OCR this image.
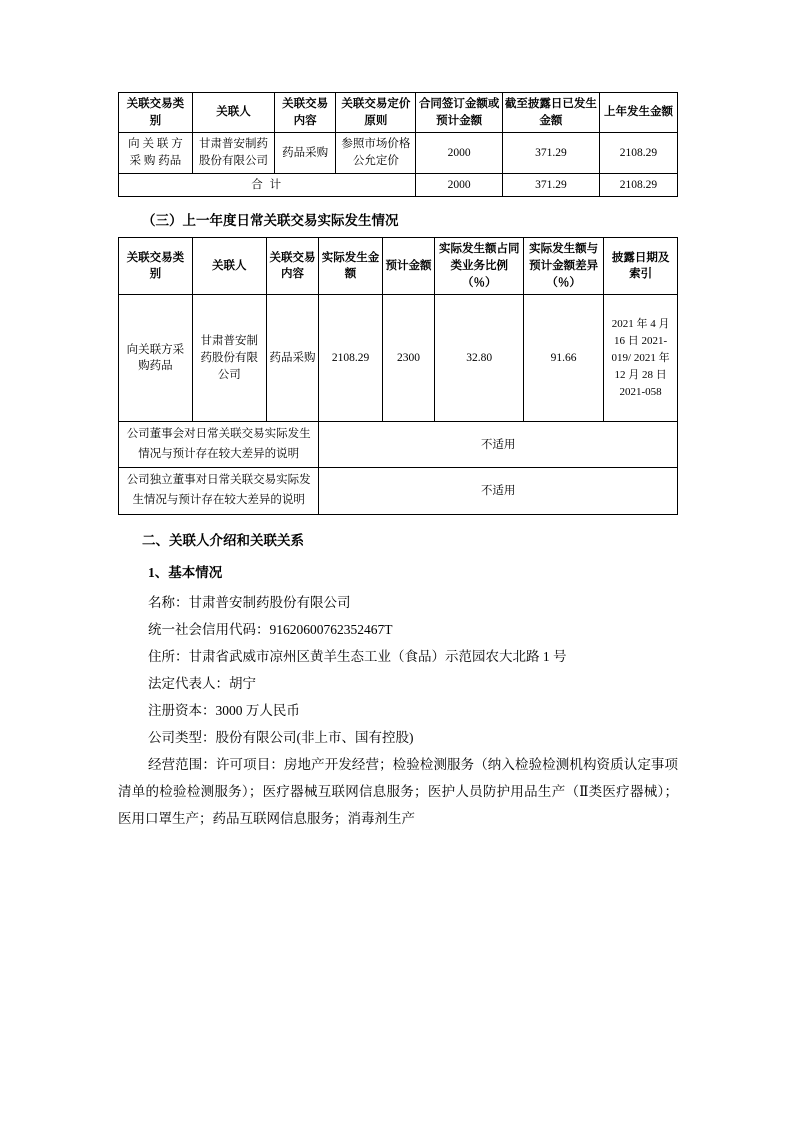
关联交易类别	关联人	关联交易内容	关联交易定价原则	合同签订金额或预计金额	截至披露日已发生金额	上年发生金额
向 关 联 方 采 购 药品	甘肃普安制药股份有限公司	药品采购	参照市场价格公允定价	2000	371.29	2108.29
合 计				2000	371.29	2108.29
（三）上一年度日常关联交易实际发生情况
关联交易类别	关联人	关联交易内容	实际发生金额	预计金额	实际发生额占同类业务比例（％）	实际发生额与预计金额差异（％）	披露日期及索引
向关联方采购药品	甘肃普安制药股份有限公司	药品采购	2108.29	2300	32.80	91.66	2021 年 4 月 16 日 2021-019/ 2021 年 12 月 28 日 2021-058
公司董事会对日常关联交易实际发生情况与预计存在较大差异的说明			不适用				
公司独立董事对日常关联交易实际发生情况与预计存在较大差异的说明			不适用				
二、关联人介绍和关联关系
1、基本情况

名称：甘肃普安制药股份有限公司

统一社会信用代码：91620600762352467T

住所：甘肃省武威市凉州区黄羊生态工业（食品）示范园农大北路 1 号

法定代表人：胡宁

注册资本：3000 万人民币

公司类型：股份有限公司(非上市、国有控股)

经营范围：许可项目：房地产开发经营；检验检测服务（纳入检验检测机构资质认定事项清单的检验检测服务）；医疗器械互联网信息服务；医护人员防护用品生产（Ⅱ类医疗器械）；医用口罩生产；药品互联网信息服务；消毒剂生产
